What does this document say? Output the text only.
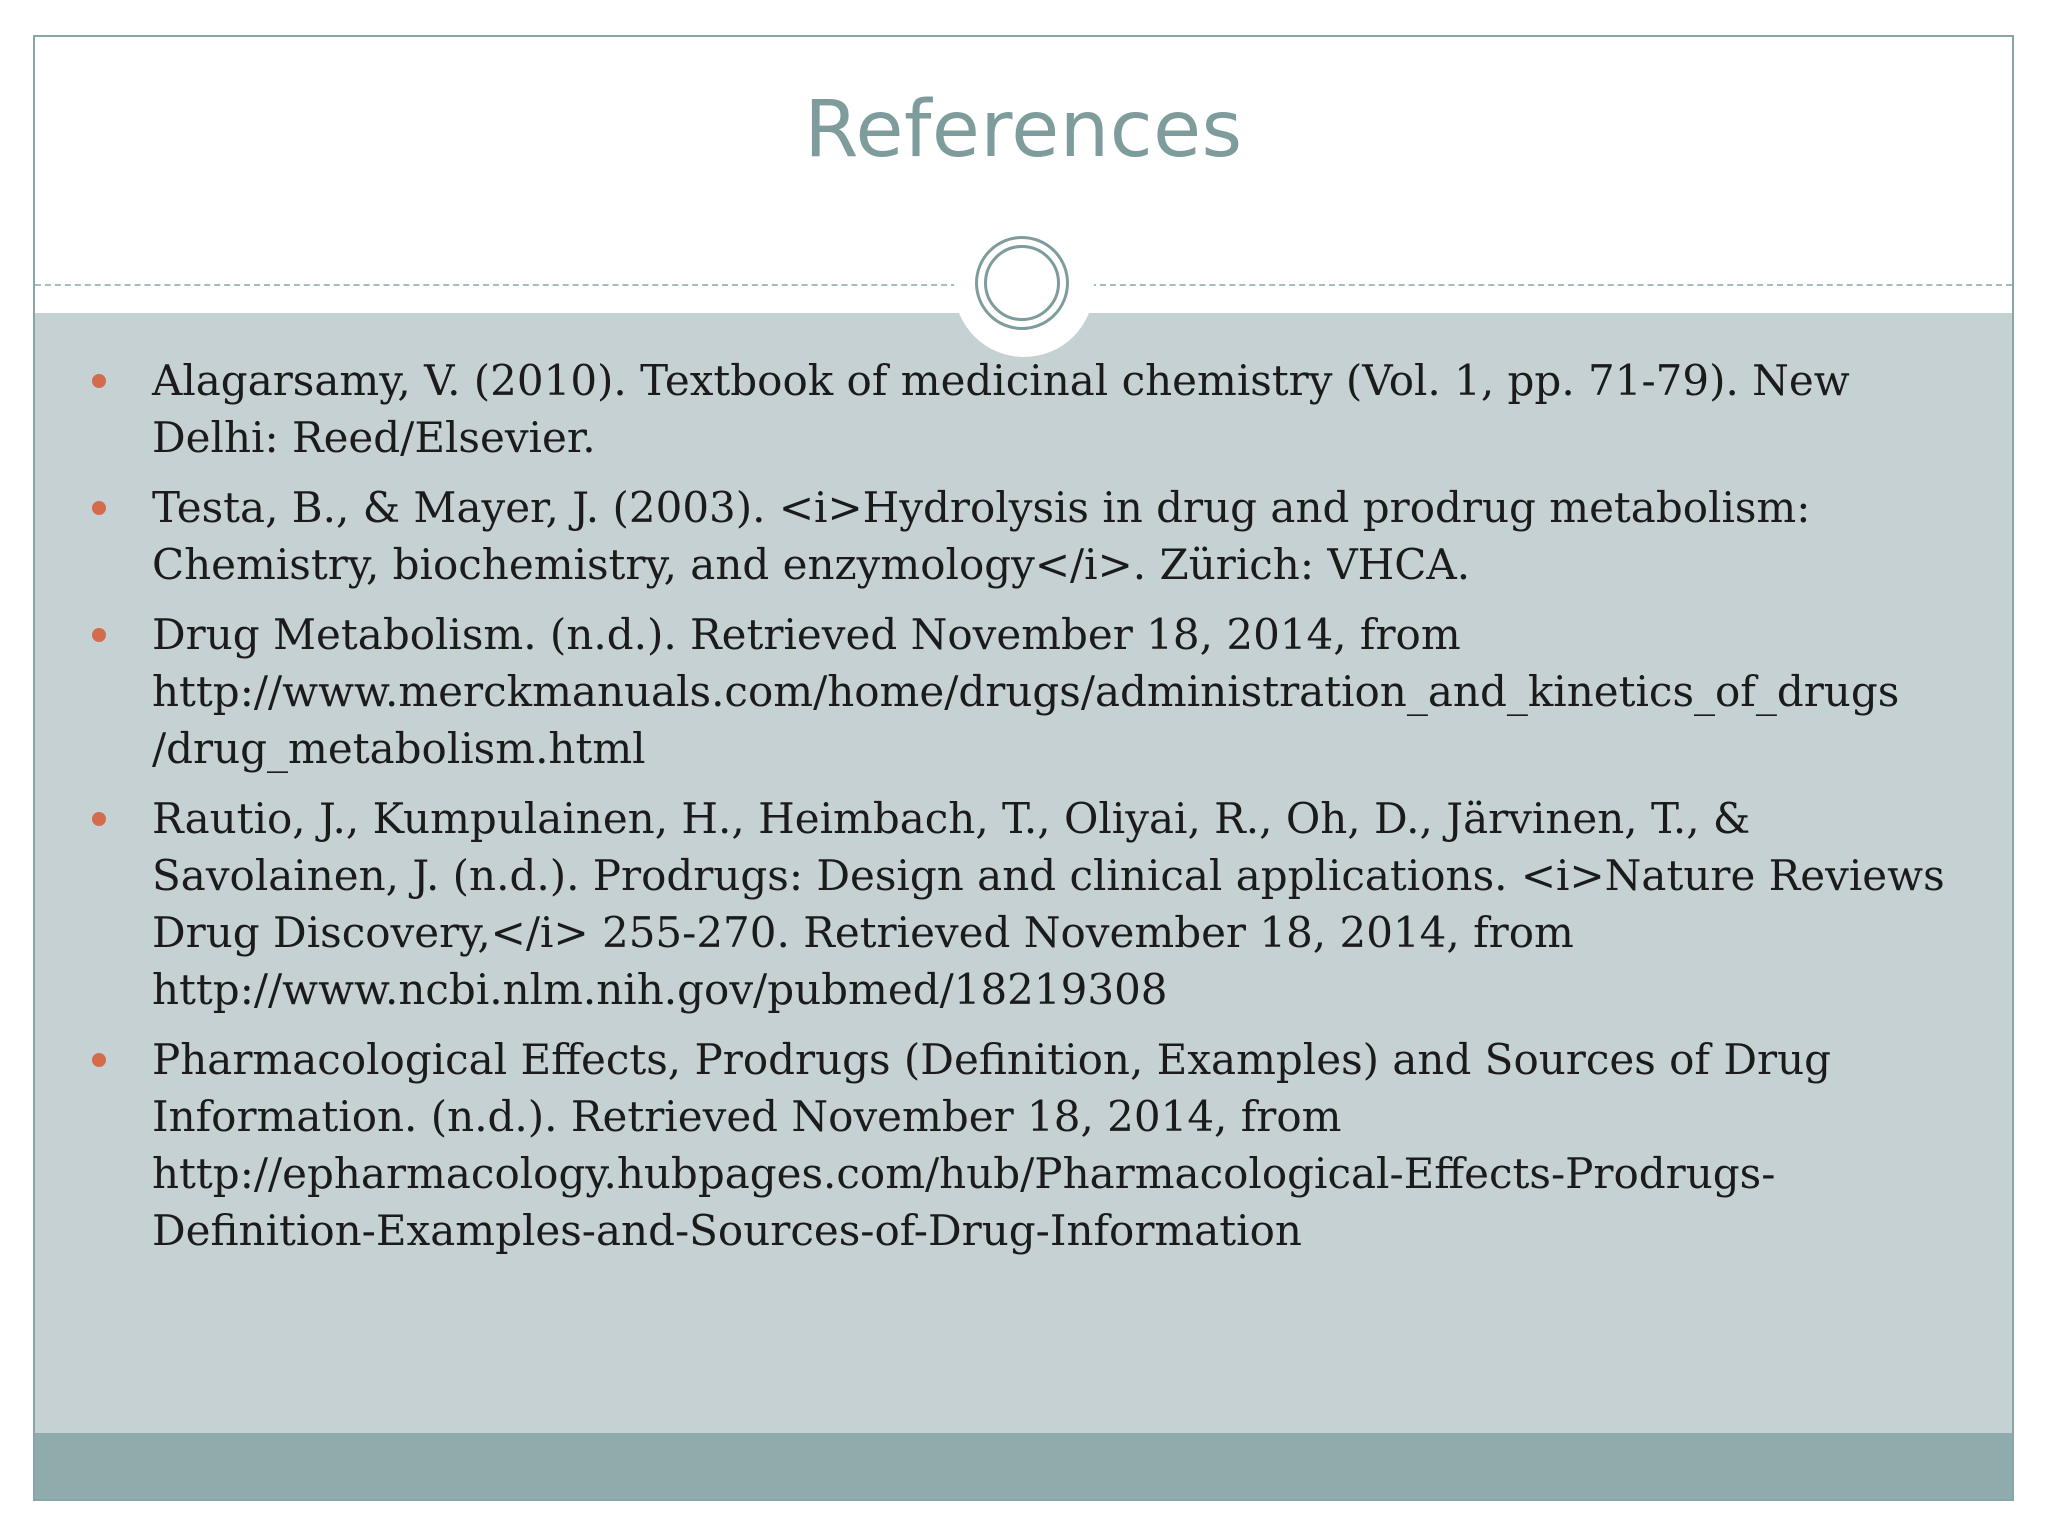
References
Alagarsamy, V. (2010). Textbook of medicinal chemistry (Vol. 1, pp. 71-79). New
Delhi: Reed/Elsevier.
Testa, B., & Mayer, J. (2003). <i>Hydrolysis in drug and prodrug metabolism:
Chemistry, biochemistry, and enzymology</i>. Zürich: VHCA.
Drug Metabolism. (n.d.). Retrieved November 18, 2014, from
http://www.merckmanuals.com/home/drugs/administration_and_kinetics_of_drugs
/drug_metabolism.html
Rautio, J., Kumpulainen, H., Heimbach, T., Oliyai, R., Oh, D., Järvinen, T., &
Savolainen, J. (n.d.). Prodrugs: Design and clinical applications. <i>Nature Reviews
Drug Discovery,</i> 255-270. Retrieved November 18, 2014, from
http://www.ncbi.nlm.nih.gov/pubmed/18219308
Pharmacological Effects, Prodrugs (Definition, Examples) and Sources of Drug
Information. (n.d.). Retrieved November 18, 2014, from
http://epharmacology.hubpages.com/hub/Pharmacological-Effects-Prodrugs-
Definition-Examples-and-Sources-of-Drug-Information
